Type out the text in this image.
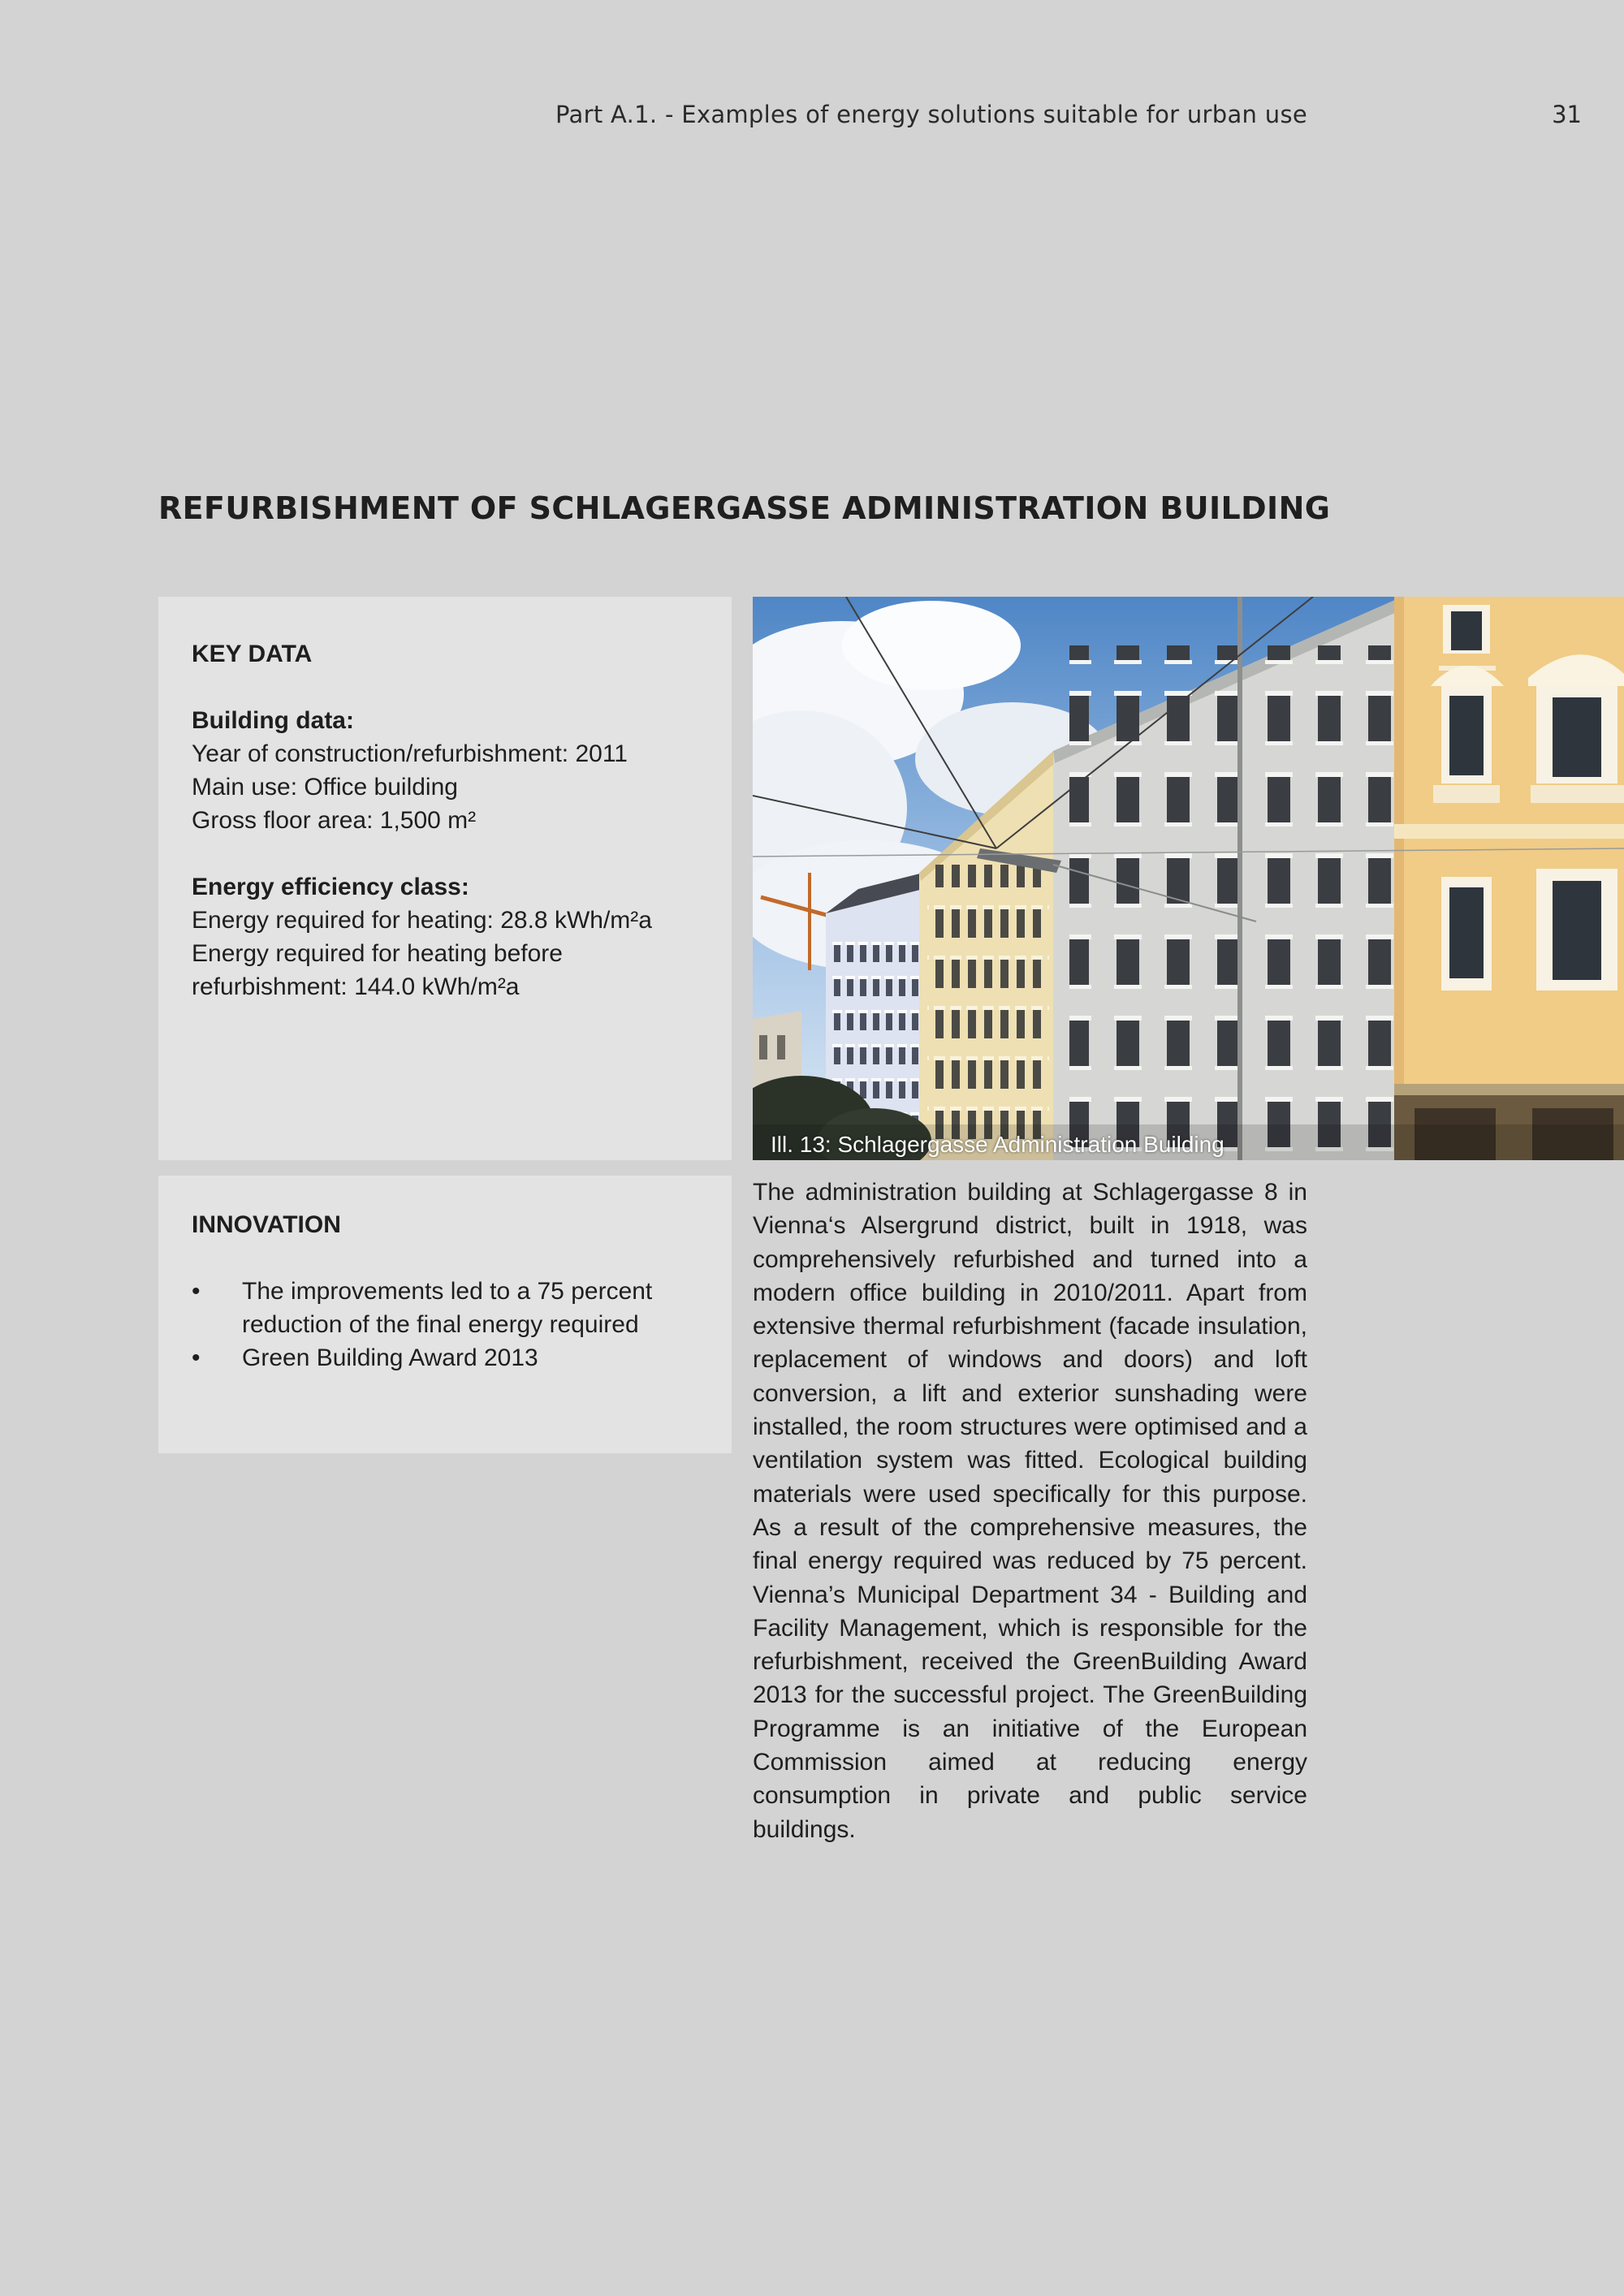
Part A.1. - Examples of energy solutions suitable for urban use	31
REFURBISHMENT OF SCHLAGERGASSE ADMINISTRATION BUILDING
KEY DATA
Building data:
Year of construction/refurbishment: 2011
Main use: Office building
Gross floor area: 1,500 m²
Energy efficiency class:
Energy required for heating: 28.8 kWh/m²a
Energy required for heating before
refurbishment: 144.0 kWh/m²a
INNOVATION
• The improvements led to a 75 percent reduction of the final energy required
• Green Building Award 2013
Ill. 13: Schlagergasse Administration Building

The administration building at Schlagergasse 8 in Vienna‘s Alsergrund district, built in 1918, was comprehensively refurbished and turned into a modern office building in 2010/2011. Apart from extensive thermal refurbishment (facade insulation, replacement of windows and doors) and loft conversion, a lift and exterior sunshading were installed, the room structures were optimised and a ventilation system was fitted. Ecological building materials were used specifically for this purpose. As a result of the comprehensive measures, the final energy required was reduced by 75 percent. Vienna’s Municipal Department 34 - Building and Facility Management, which is responsible for the refurbishment, received the GreenBuilding Award 2013 for the successful project. The GreenBuilding Programme is an initiative of the European Commission aimed at reducing energy consumption in private and public service buildings.
